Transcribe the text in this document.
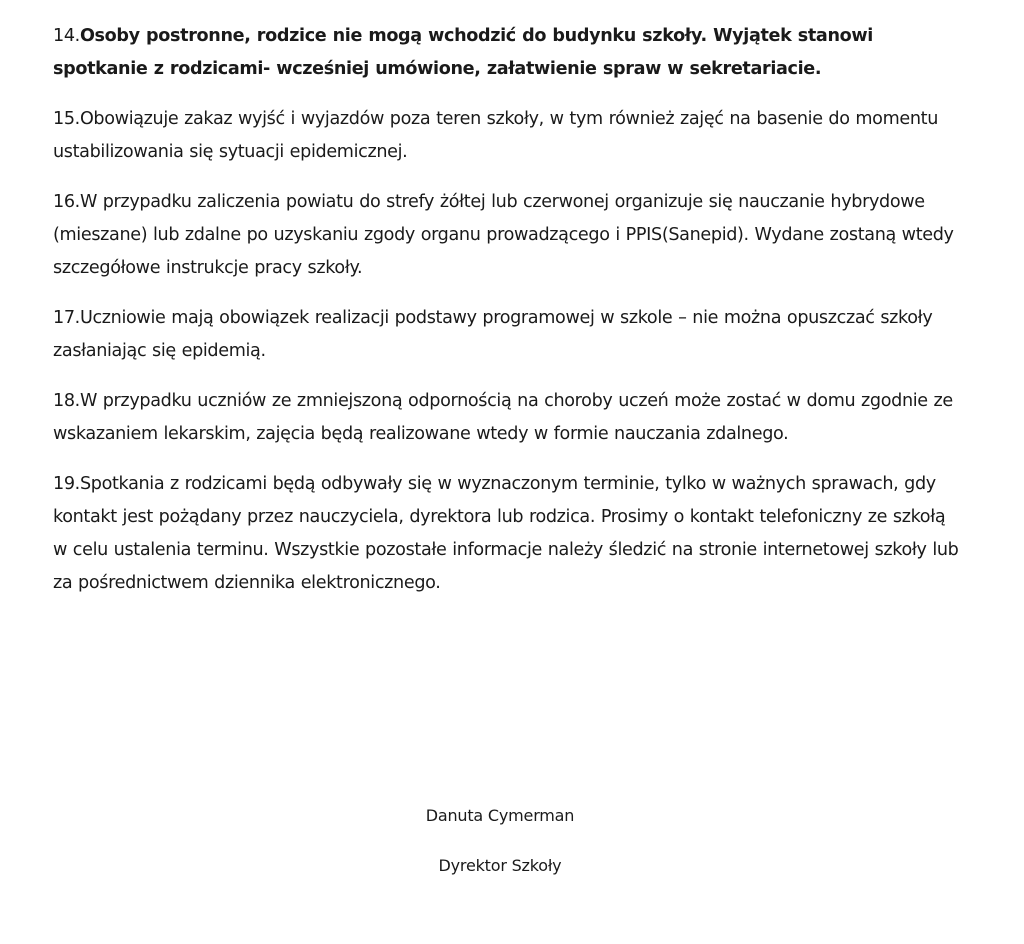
14.Osoby postronne, rodzice nie mogą wchodzić do budynku szkoły. Wyjątek stanowi spotkanie z rodzicami- wcześniej umówione, załatwienie spraw w sekretariacie.

15.Obowiązuje zakaz wyjść i wyjazdów poza teren szkoły, w tym również zajęć na basenie do momentu ustabilizowania się sytuacji epidemicznej.

16.W przypadku zaliczenia powiatu do strefy żółtej lub czerwonej organizuje się nauczanie hybrydowe (mieszane) lub zdalne po uzyskaniu zgody organu prowadzącego i PPIS(Sanepid). Wydane zostaną wtedy szczegółowe instrukcje pracy szkoły.

17.Uczniowie mają obowiązek realizacji podstawy programowej w szkole – nie można opuszczać szkoły zasłaniając się epidemią.

18.W przypadku uczniów ze zmniejszoną odpornością na choroby uczeń może zostać w domu zgodnie ze wskazaniem lekarskim, zajęcia będą realizowane wtedy w formie nauczania zdalnego.

19.Spotkania z rodzicami będą odbywały się w wyznaczonym terminie, tylko w ważnych sprawach, gdy kontakt jest pożądany przez nauczyciela, dyrektora lub rodzica. Prosimy o kontakt telefoniczny ze szkołą w celu ustalenia terminu. Wszystkie pozostałe informacje należy śledzić na stronie internetowej szkoły lub za pośrednictwem dziennika elektronicznego.

Danuta Cymerman
Dyrektor Szkoły
